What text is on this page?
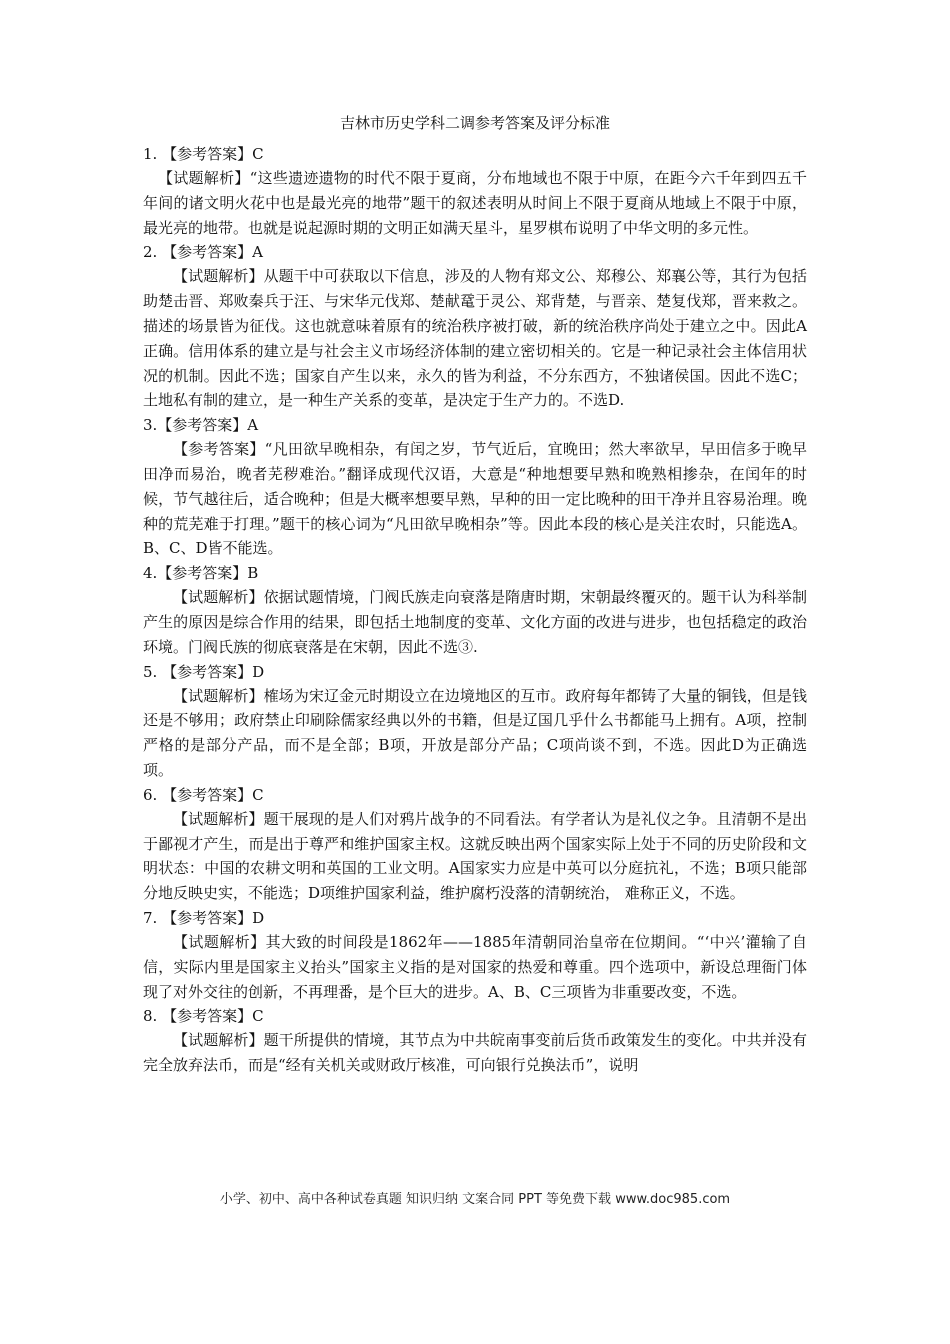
吉林市历史学科二调参考答案及评分标准
1. 【参考答案】C

【试题解析】“这些遗迹遗物的时代不限于夏商，分布地域也不限于中原，在距今六千年到四五千年间的诸文明火花中也是最光亮的地带”题干的叙述表明从时间上不限于夏商从地域上不限于中原，最光亮的地带。也就是说起源时期的文明正如满天星斗，星罗棋布说明了中华文明的多元性。

2. 【参考答案】A

【试题解析】从题干中可获取以下信息，涉及的人物有郑文公、郑穆公、郑襄公等，其行为包括助楚击晋、郑败秦兵于汪、与宋华元伐郑、楚献鼋于灵公、郑背楚，与晋亲、楚复伐郑，晋来救之。描述的场景皆为征伐。这也就意味着原有的统治秩序被打破，新的统治秩序尚处于建立之中。因此A正确。信用体系的建立是与社会主义市场经济体制的建立密切相关的。它是一种记录社会主体信用状况的机制。因此不选；国家自产生以来，永久的皆为利益，不分东西方，不独诸侯国。因此不选C；土地私有制的建立，是一种生产关系的变革，是决定于生产力的。不选D.

3.【参考答案】A

【参考答案】“凡田欲早晚相杂，有闰之岁，节气近后，宜晚田；然大率欲早，早田信多于晚早田净而易治，晚者芜秽难治。”翻译成现代汉语，大意是“种地想要早熟和晚熟相掺杂，在闰年的时候，节气越往后，适合晚种；但是大概率想要早熟，早种的田一定比晚种的田干净并且容易治理。晚种的荒芜难于打理。”题干的核心词为“凡田欲早晚相杂”等。因此本段的核心是关注农时，只能选A。B、C、D皆不能选。

4.【参考答案】B

【试题解析】依据试题情境，门阀氏族走向衰落是隋唐时期，宋朝最终覆灭的。题干认为科举制产生的原因是综合作用的结果，即包括土地制度的变革、文化方面的改进与进步，也包括稳定的政治环境。门阀氏族的彻底衰落是在宋朝，因此不选③.

5. 【参考答案】D

【试题解析】榷场为宋辽金元时期设立在边境地区的互市。政府每年都铸了大量的铜钱，但是钱还是不够用；政府禁止印刷除儒家经典以外的书籍，但是辽国几乎什么书都能马上拥有。A项，控制严格的是部分产品，而不是全部；B项，开放是部分产品；C项尚谈不到，不选。因此D为正确选项。

6. 【参考答案】C

【试题解析】题干展现的是人们对鸦片战争的不同看法。有学者认为是礼仪之争。且清朝不是出于鄙视才产生，而是出于尊严和维护国家主权。这就反映出两个国家实际上处于不同的历史阶段和文明状态：中国的农耕文明和英国的工业文明。A国家实力应是中英可以分庭抗礼，不选；B项只能部分地反映史实，不能选；D项维护国家利益，维护腐朽没落的清朝统治， 难称正义，不选。

7. 【参考答案】D

【试题解析】其大致的时间段是1862年——1885年清朝同治皇帝在位期间。“‘中兴’灌输了自信，实际内里是国家主义抬头”国家主义指的是对国家的热爱和尊重。四个选项中，新设总理衙门体现了对外交往的创新，不再理番，是个巨大的进步。A、B、C三项皆为非重要改变，不选。

8. 【参考答案】C

【试题解析】题干所提供的情境，其节点为中共皖南事变前后货币政策发生的变化。中共并没有完全放弃法币，而是“经有关机关或财政厅核准，可向银行兑换法币”，说明

小学、初中、高中各种试卷真题 知识归纳 文案合同 PPT 等免费下载 www.doc985.com
